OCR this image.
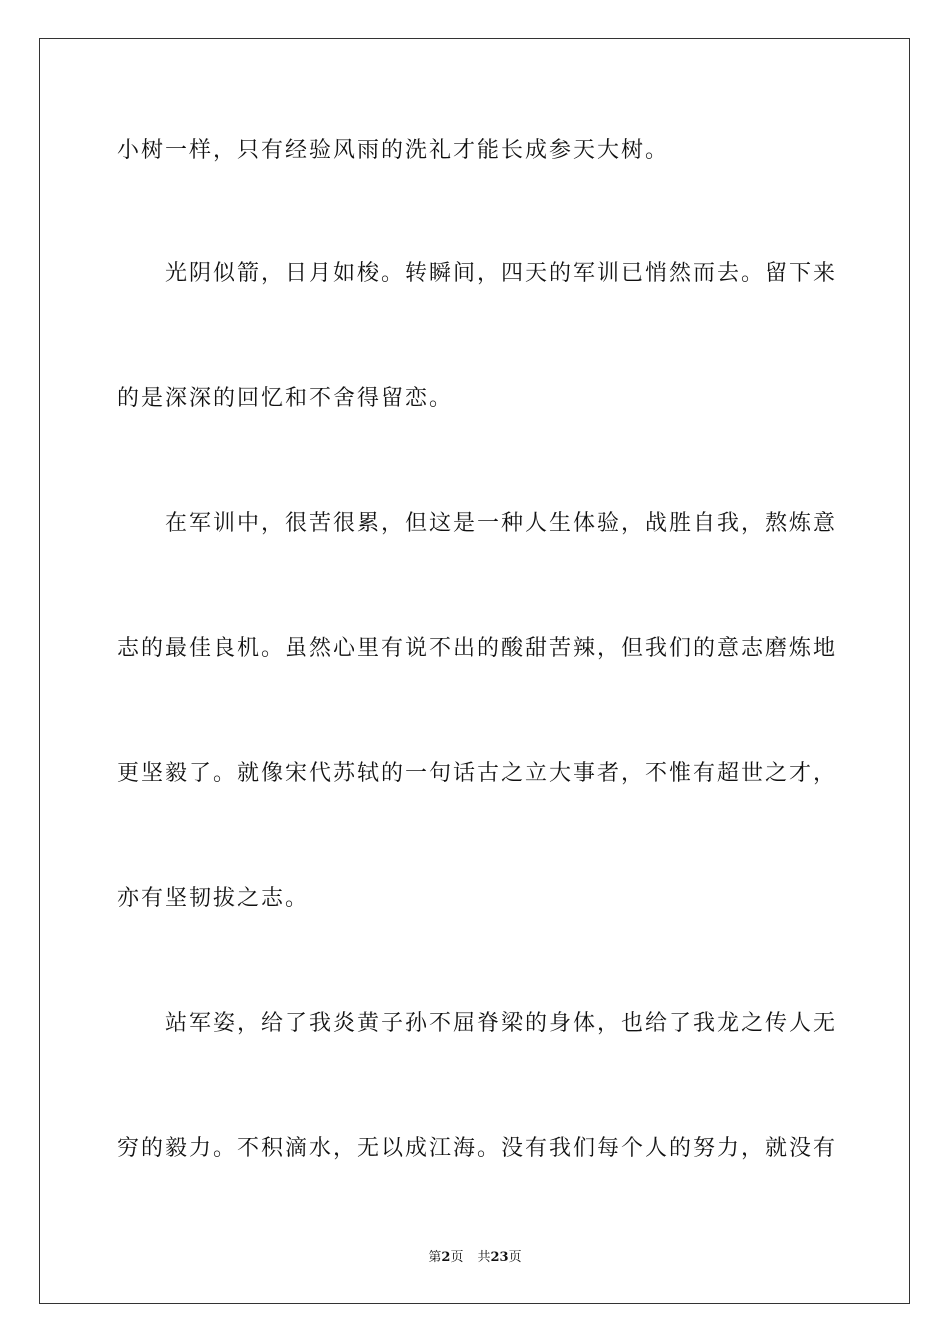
小树一样，只有经验风雨的洗礼才能长成参天大树。
　　光阴似箭，日月如梭。转瞬间，四天的军训已悄然而去。留下来
的是深深的回忆和不舍得留恋。
　　在军训中，很苦很累，但这是一种人生体验，战胜自我，熬炼意
志的最佳良机。虽然心里有说不出的酸甜苦辣，但我们的意志磨炼地
更坚毅了。就像宋代苏轼的一句话古之立大事者，不惟有超世之才，
亦有坚韧拔之志。
　　站军姿，给了我炎黄子孙不屈脊梁的身体，也给了我龙之传人无
穷的毅力。不积滴水，无以成江海。没有我们每个人的努力，就没有
第2页 共23页
